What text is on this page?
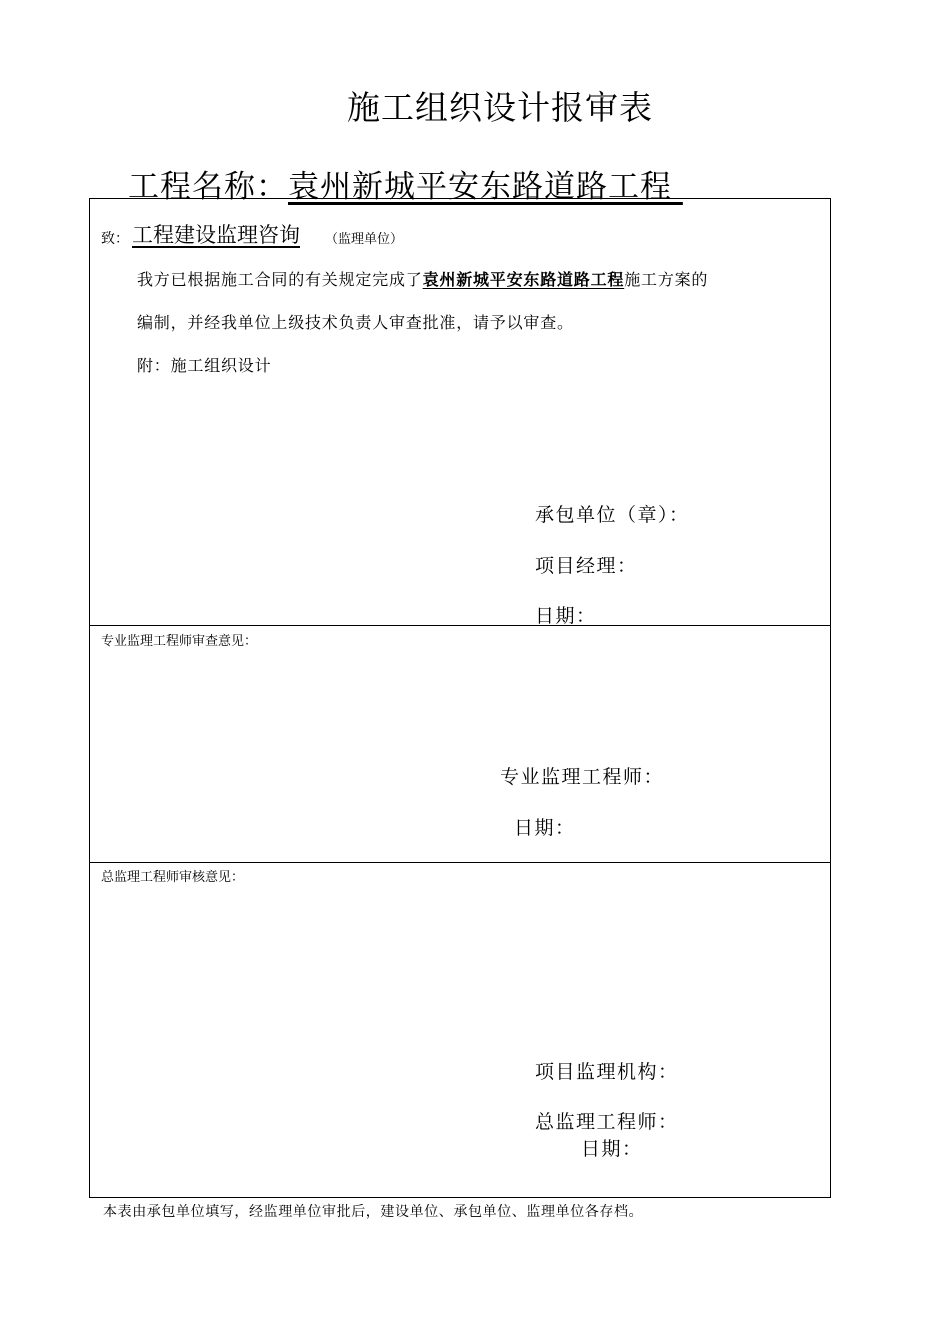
施工组织设计报审表
工程名称：袁州新城平安东路道路工程
致： 工程建设监理咨询 （监理单位）
我方已根据施工合同的有关规定完成了袁州新城平安东路道路工程施工方案的
编制，并经我单位上级技术负责人审查批准，请予以审查。
附：施工组织设计
承包单位（章）：
项目经理：
日期：
专业监理工程师审查意见：
专业监理工程师：
日期：
总监理工程师审核意见：
项目监理机构：
总监理工程师：
日期：
本表由承包单位填写，经监理单位审批后，建设单位、承包单位、监理单位各存档。
